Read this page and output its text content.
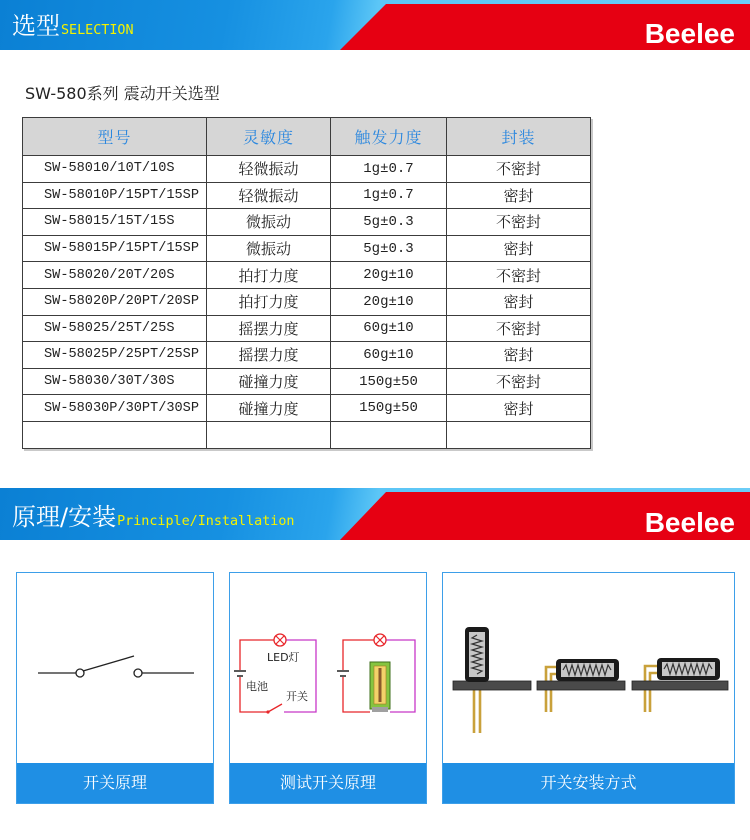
选型 SELECTION	Beelee
SW-580系列 震动开关选型
型号	灵敏度	触发力度	封装
SW-58010/10T/10S	轻微振动	1g±0.7	不密封
SW-58010P/15PT/15SP	轻微振动	1g±0.7	密封
SW-58015/15T/15S	微振动	5g±0.3	不密封
SW-58015P/15PT/15SP	微振动	5g±0.3	密封
SW-58020/20T/20S	拍打力度	20g±10	不密封
SW-58020P/20PT/20SP	拍打力度	20g±10	密封
SW-58025/25T/25S	摇摆力度	60g±10	不密封
SW-58025P/25PT/25SP	摇摆力度	60g±10	密封
SW-58030/30T/30S	碰撞力度	150g±50	不密封
SW-58030P/30PT/30SP	碰撞力度	150g±50	密封

原理/安装 Principle/Installation	Beelee
开关原理
LED灯
电池
开关
测试开关原理	开关安装方式
